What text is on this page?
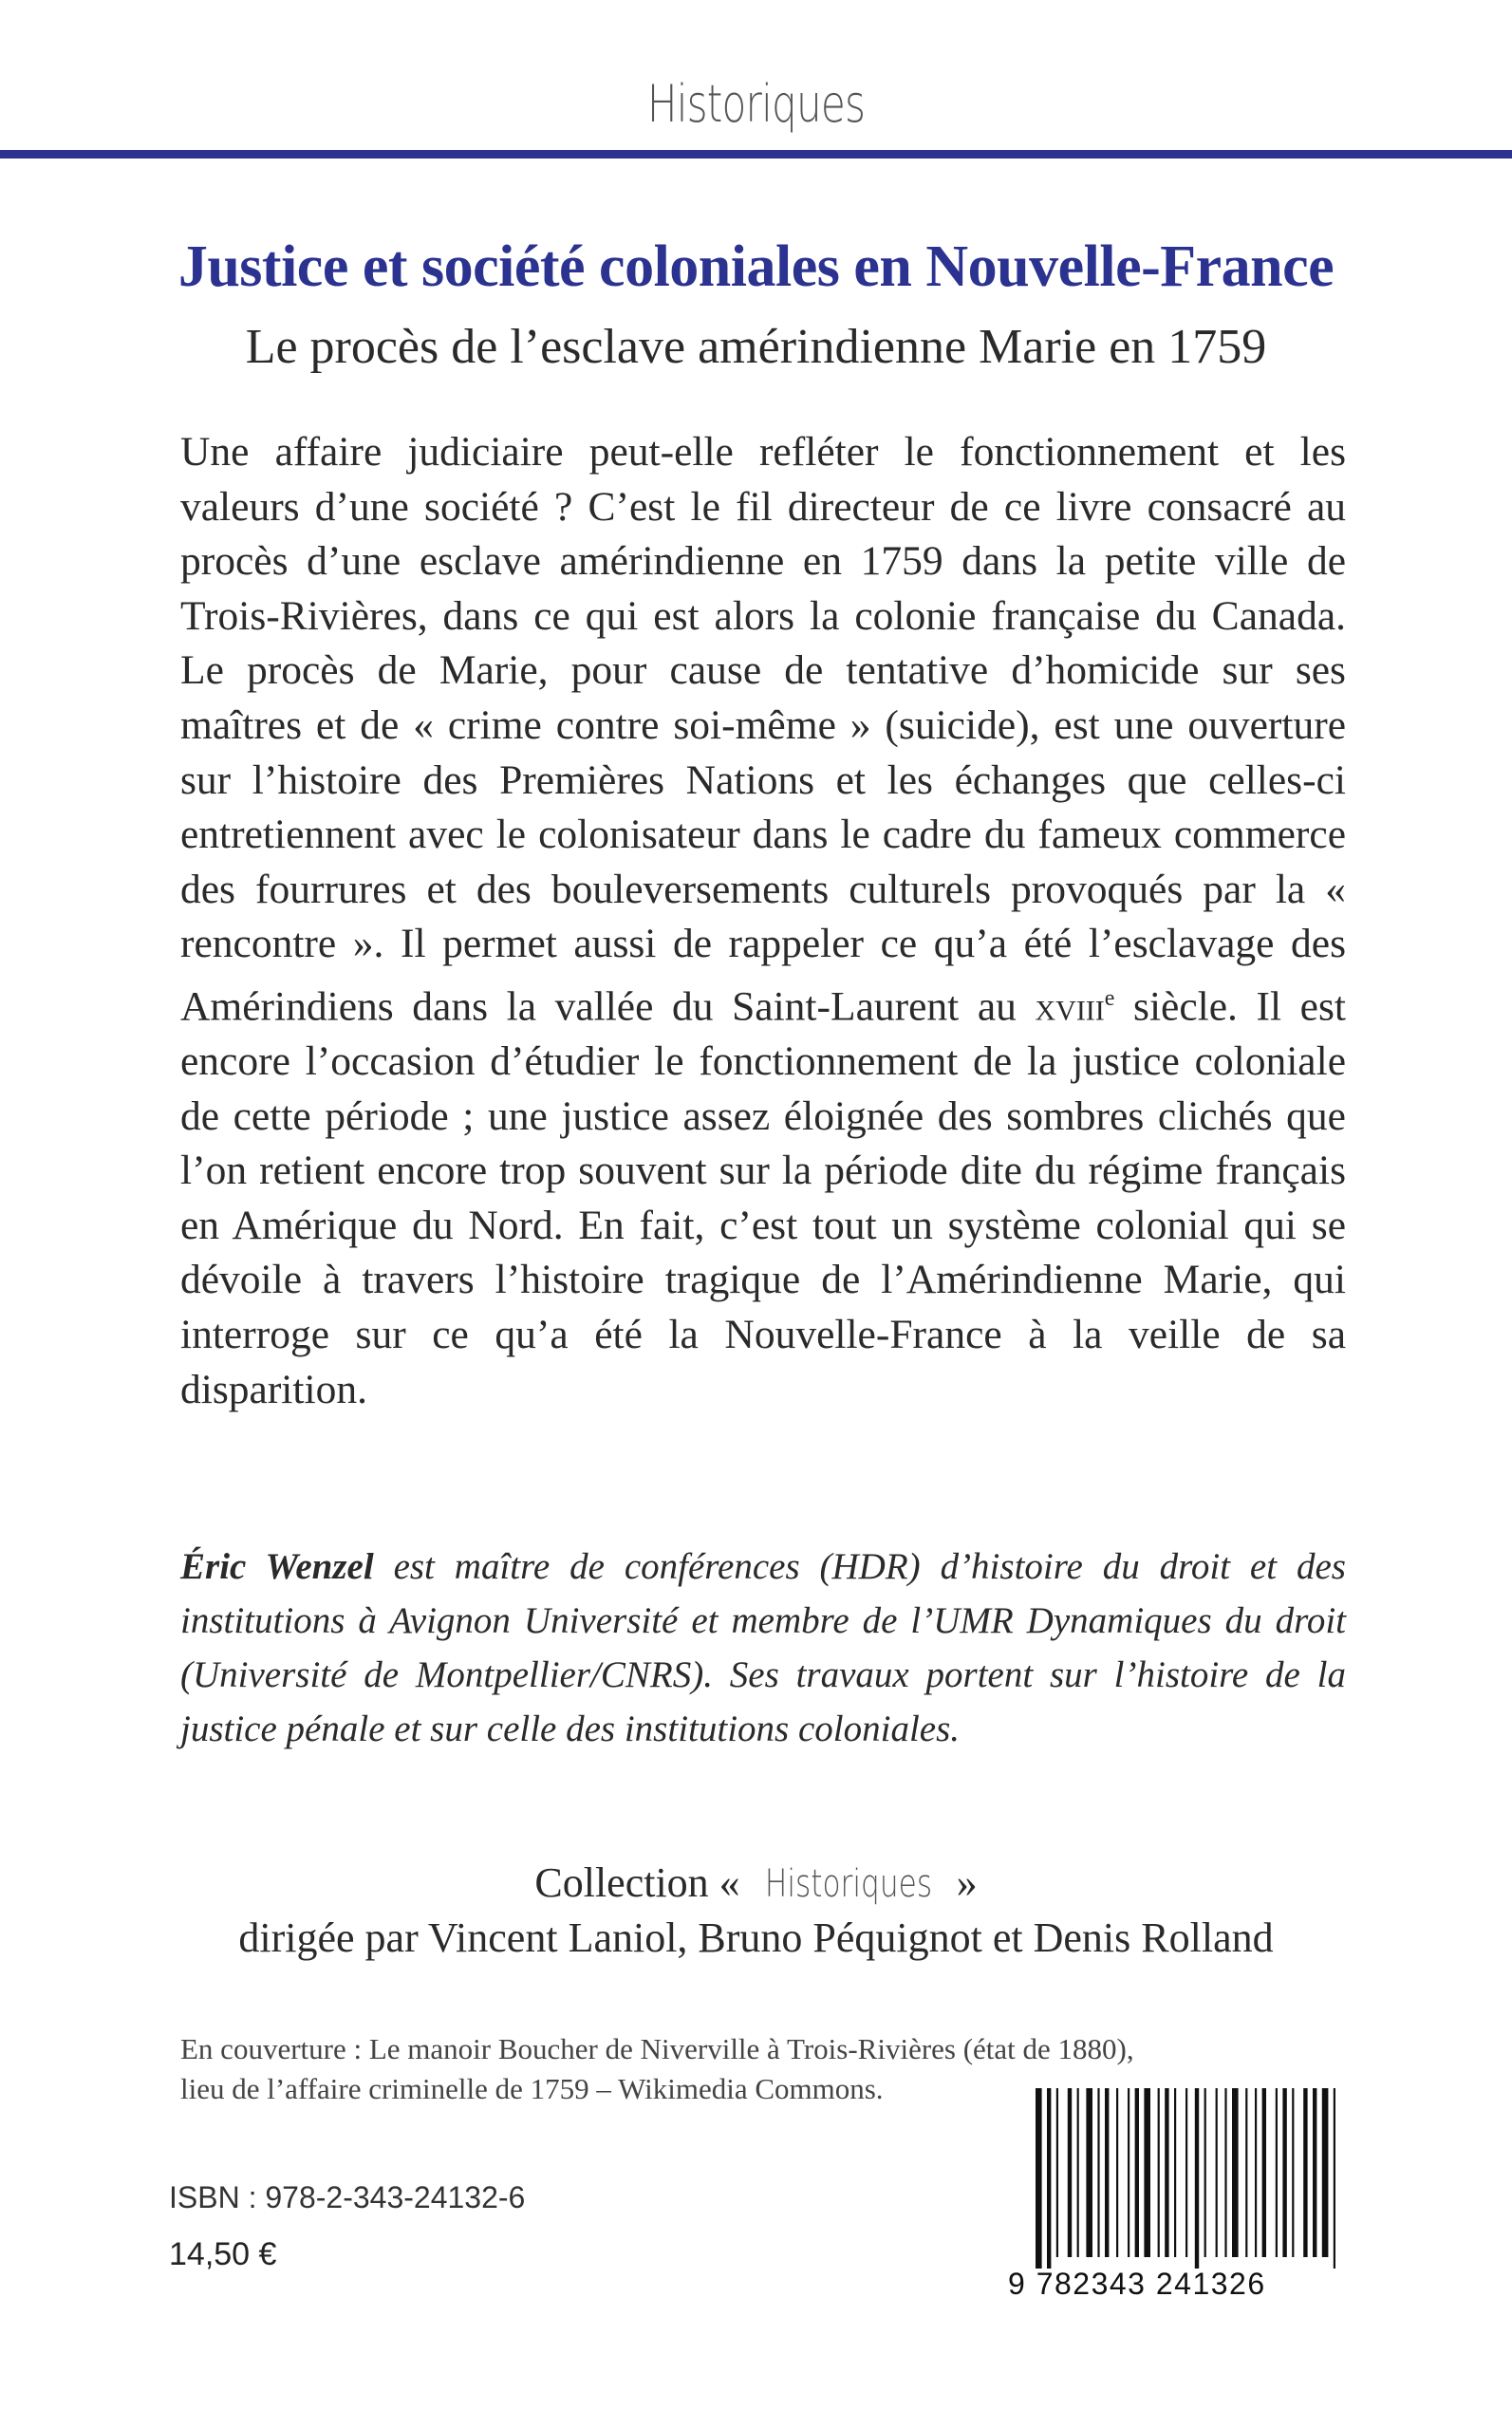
Historiques
Justice et société coloniales en Nouvelle-France
Le procès de l’esclave amérindienne Marie en 1759

Une affaire judiciaire peut-elle refléter le fonctionnement et les valeurs d’une société ? C’est le fil directeur de ce livre consacré au procès d’une esclave amérindienne en 1759 dans la petite ville de Trois-Rivières, dans ce qui est alors la colonie française du Canada. Le procès de Marie, pour cause de tentative d’homicide sur ses maîtres et de « crime contre soi-même » (suicide), est une ouverture sur l’histoire des Premières Nations et les échanges que celles-ci entretiennent avec le colonisateur dans le cadre du fameux commerce des fourrures et des bouleversements culturels provoqués par la « rencontre ». Il permet aussi de rappeler ce qu’a été l’esclavage des Amérindiens dans la vallée du Saint-Laurent au xviii$^e$ siècle. Il est encore l’occasion d’étudier le fonctionnement de la justice coloniale de cette période ; une justice assez éloignée des sombres clichés que l’on retient encore trop souvent sur la période dite du régime français en Amérique du Nord. En fait, c’est tout un système colonial qui se dévoile à travers l’histoire tragique de l’Amérindienne Marie, qui interroge sur ce qu’a été la Nouvelle-France à la veille de sa disparition.

Éric Wenzel est maître de conférences (HDR) d’histoire du droit et des institutions à Avignon Université et membre de l’UMR Dynamiques du droit (Université de Montpellier/CNRS). Ses travaux portent sur l’histoire de la justice pénale et sur celle des institutions coloniales.
Collection « Historiques »
dirigée par Vincent Laniol, Bruno Péquignot et Denis Rolland
En couverture : Le manoir Boucher de Niverville à Trois-Rivières (état de 1880),
lieu de l’affaire criminelle de 1759 – Wikimedia Commons.
ISBN : 978-2-343-24132-6
14,50 €
9 782343 241326
